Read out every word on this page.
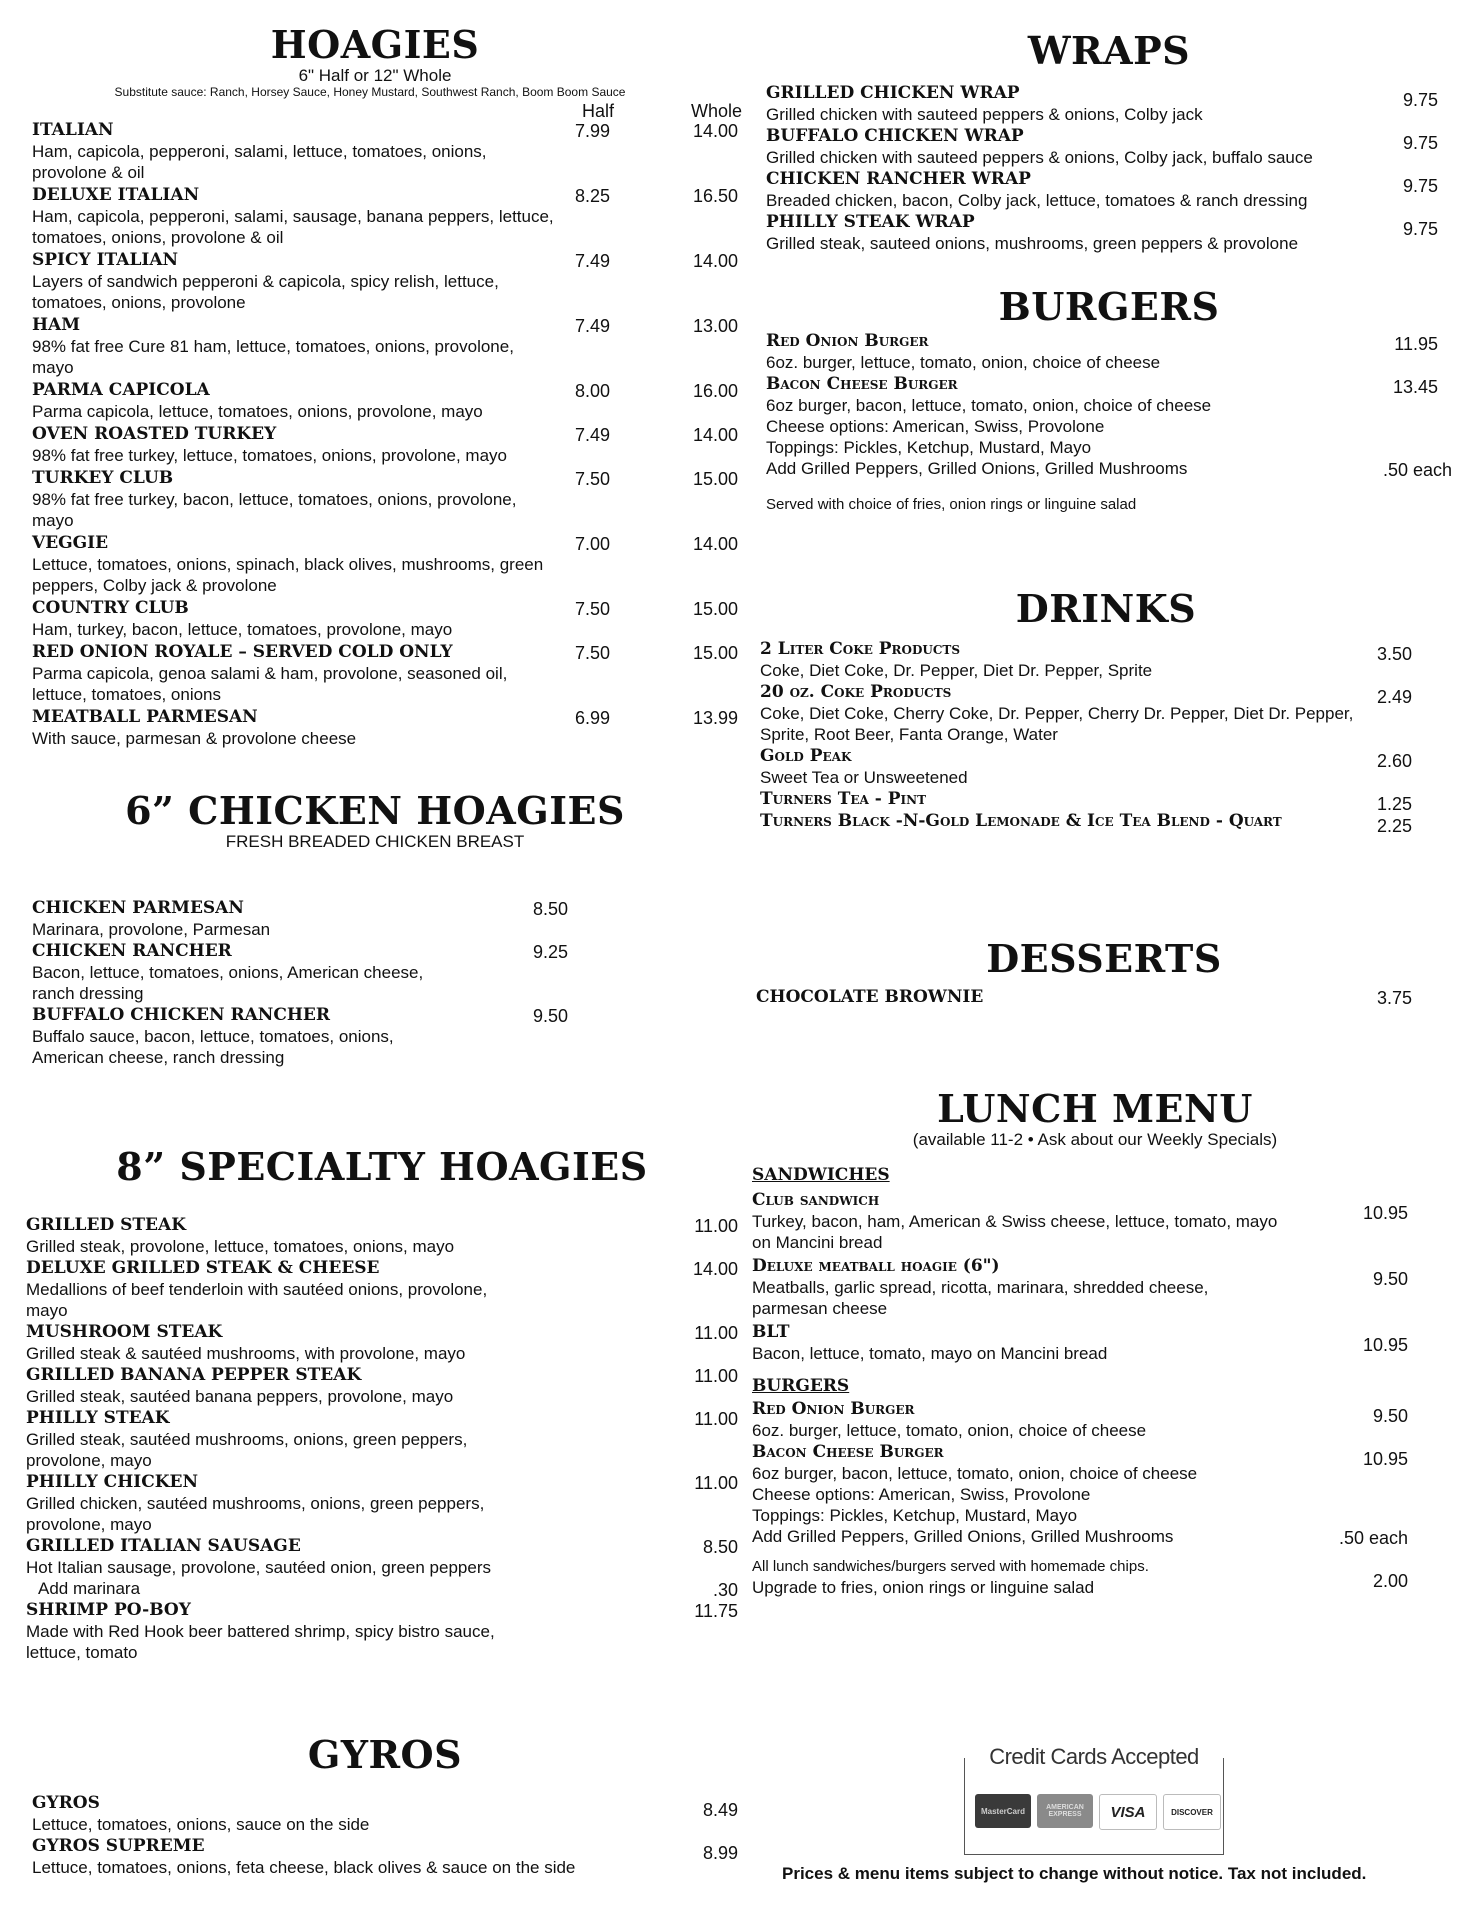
HOAGIES
6" Half or 12" Whole
Substitute sauce: Ranch, Horsey Sauce, Honey Mustard, Southwest Ranch, Boom Boom Sauce
Half	Whole
ITALIAN
Ham, capicola, pepperoni, salami, lettuce, tomatoes, onions, provolone & oil
7.99	14.00
DELUXE ITALIAN
Ham, capicola, pepperoni, salami, sausage, banana peppers, lettuce, tomatoes, onions, provolone & oil
8.25	16.50
SPICY ITALIAN
Layers of sandwich pepperoni & capicola, spicy relish, lettuce, tomatoes, onions, provolone
7.49	14.00
HAM
98% fat free Cure 81 ham, lettuce, tomatoes, onions, provolone, mayo
7.49	13.00
PARMA CAPICOLA
Parma capicola, lettuce, tomatoes, onions, provolone, mayo
8.00	16.00
OVEN ROASTED TURKEY
98% fat free turkey, lettuce, tomatoes, onions, provolone, mayo
7.49	14.00
TURKEY CLUB
98% fat free turkey, bacon, lettuce, tomatoes, onions, provolone, mayo
7.50	15.00
VEGGIE
Lettuce, tomatoes, onions, spinach, black olives, mushrooms, green peppers, Colby jack & provolone
7.00	14.00
COUNTRY CLUB
Ham, turkey, bacon, lettuce, tomatoes, provolone, mayo
7.50	15.00
RED ONION ROYALE – SERVED COLD ONLY
Parma capicola, genoa salami & ham, provolone, seasoned oil, lettuce, tomatoes, onions
7.50	15.00
MEATBALL PARMESAN
With sauce, parmesan & provolone cheese
6.99	13.99
6” CHICKEN HOAGIES
FRESH BREADED CHICKEN BREAST
CHICKEN PARMESAN
Marinara, provolone, Parmesan
8.50
CHICKEN RANCHER
Bacon, lettuce, tomatoes, onions, American cheese, ranch dressing
9.25
BUFFALO CHICKEN RANCHER
Buffalo sauce, bacon, lettuce, tomatoes, onions, American cheese, ranch dressing
9.50
8” SPECIALTY HOAGIES
GRILLED STEAK
Grilled steak, provolone, lettuce, tomatoes, onions, mayo
11.00
DELUXE GRILLED STEAK & CHEESE
Medallions of beef tenderloin with sautéed onions, provolone, mayo
14.00
MUSHROOM STEAK
Grilled steak & sautéed mushrooms, with provolone, mayo
11.00
GRILLED BANANA PEPPER STEAK
Grilled steak, sautéed banana peppers, provolone, mayo
11.00
PHILLY STEAK
Grilled steak, sautéed mushrooms, onions, green peppers, provolone, mayo
11.00
PHILLY CHICKEN
Grilled chicken, sautéed mushrooms, onions, green peppers, provolone, mayo
11.00
GRILLED ITALIAN SAUSAGE
Hot Italian sausage, provolone, sautéed onion, green peppers
8.50
Add marinara	.30
SHRIMP PO-BOY
Made with Red Hook beer battered shrimp, spicy bistro sauce, lettuce, tomato
11.75
GYROS
GYROS
Lettuce, tomatoes, onions, sauce on the side
8.49
GYROS SUPREME
Lettuce, tomatoes, onions, feta cheese, black olives & sauce on the side
8.99
WRAPS
GRILLED CHICKEN WRAP
Grilled chicken with sauteed peppers & onions, Colby jack
9.75
BUFFALO CHICKEN WRAP
Grilled chicken with sauteed peppers & onions, Colby jack, buffalo sauce
9.75
CHICKEN RANCHER WRAP
Breaded chicken, bacon, Colby jack, lettuce, tomatoes & ranch dressing
9.75
PHILLY STEAK WRAP
Grilled steak, sauteed onions, mushrooms, green peppers & provolone
9.75
BURGERS
Red Onion Burger
6oz. burger, lettuce, tomato, onion, choice of cheese
11.95
Bacon Cheese Burger
6oz burger, bacon, lettuce, tomato, onion, choice of cheese
13.45
Cheese options: American, Swiss, Provolone
Toppings: Pickles, Ketchup, Mustard, Mayo
Add Grilled Peppers, Grilled Onions, Grilled Mushrooms	.50 each
Served with choice of fries, onion rings or linguine salad
DRINKS
2 Liter Coke Products
Coke, Diet Coke, Dr. Pepper, Diet Dr. Pepper, Sprite
3.50
20 oz. Coke Products
Coke, Diet Coke, Cherry Coke, Dr. Pepper, Cherry Dr. Pepper, Diet Dr. Pepper, Sprite, Root Beer, Fanta Orange, Water
2.49
Gold Peak
Sweet Tea or Unsweetened
2.60
Turners Tea - Pint	1.25
Turners Black -N-Gold Lemonade & Ice Tea Blend - Quart	2.25
DESSERTS
CHOCOLATE BROWNIE	3.75
LUNCH MENU
(available 11-2 • Ask about our Weekly Specials)
SANDWICHES
Club sandwich
Turkey, bacon, ham, American & Swiss cheese, lettuce, tomato, mayo on Mancini bread
10.95
Deluxe meatball hoagie (6")
Meatballs, garlic spread, ricotta, marinara, shredded cheese, parmesan cheese
9.50
BLT
Bacon, lettuce, tomato, mayo on Mancini bread	10.95
BURGERS
Red Onion Burger
6oz. burger, lettuce, tomato, onion, choice of cheese
9.50
Bacon Cheese Burger
6oz burger, bacon, lettuce, tomato, onion, choice of cheese
10.95
Cheese options: American, Swiss, Provolone
Toppings: Pickles, Ketchup, Mustard, Mayo
Add Grilled Peppers, Grilled Onions, Grilled Mushrooms	.50 each
All lunch sandwiches/burgers served with homemade chips.
Upgrade to fries, onion rings or linguine salad	2.00
Credit Cards Accepted
MasterCard	AMERICAN EXPRESS	VISA	DISCOVER
Prices & menu items subject to change without notice. Tax not included.
